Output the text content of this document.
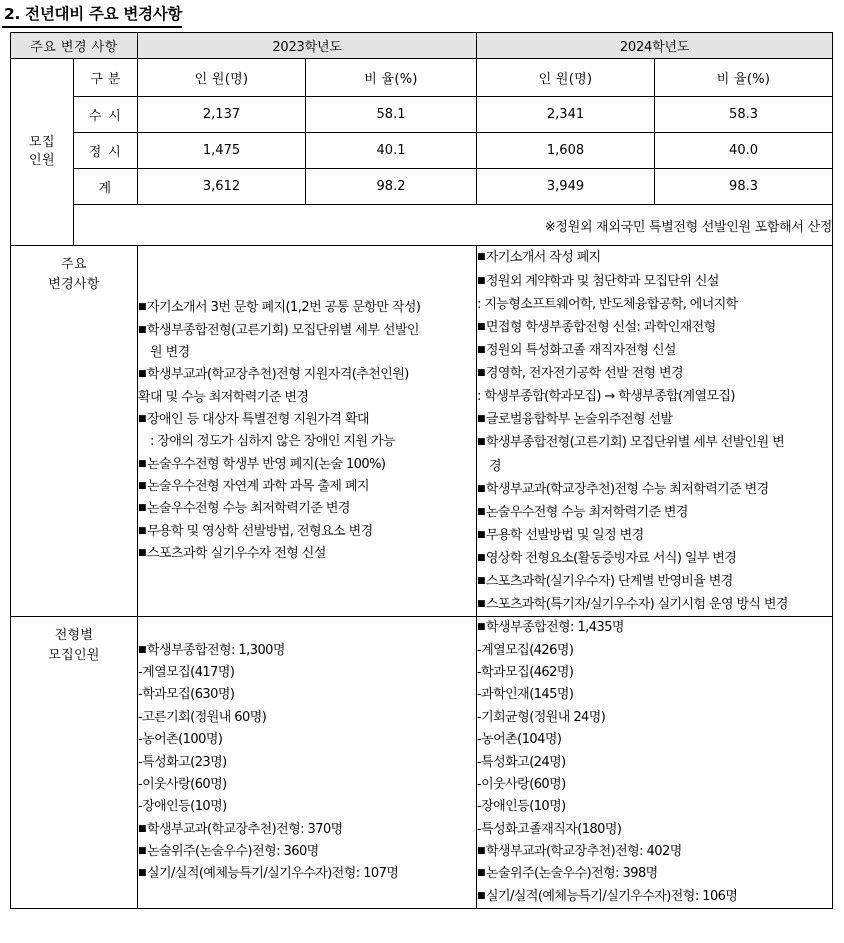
2. 전년대비 주요 변경사항
주요 변경 사항		2023학년도		2024학년도	
모집
인원	구 분	인 원(명)	비 율(%)	인 원(명)	비 율(%)
	수 시	2,137	58.1	2,341	58.3
	정 시	1,475	40.1	1,608	40.0
	계	3,612	98.2	3,949	98.3
	※정원외 재외국민 특별전형 선발인원 포함해서 산정				
주요
변경사항	
■ 자기소개서 3번 문항 폐지(1,2번 공통 문항만 작성)
■ 학생부종합전형(고른기회) 모집단위별 세부 선발인
원 변경
■ 학생부교과(학교장추천)전형 지원자격(추천인원)
확대 및 수능 최저학력기준 변경
■ 장애인 등 대상자 특별전형 지원가격 확대
: 장애의 정도가 심하지 않은 장애인 지원 가능
■ 논술우수전형 학생부 반영 폐지(논술 100%)
■ 논술우수전형 자연계 과학 과목 출제 폐지
■ 논술우수전형 수능 최저학력기준 변경
■ 무용학 및 영상학 선발방법, 전형요소 변경
■ 스포츠과학 실기우수자 전형 신설

■ 자기소개서 작성 폐지
■ 정원외 계약학과 및 첨단학과 모집단위 신설
: 지능형소프트웨어학, 반도체융합공학, 에너지학
■ 면접형 학생부종합전형 신설: 과학인재전형
■ 정원외 특성화고졸 재직자전형 신설
■ 경영학, 전자전기공학 선발 전형 변경
: 학생부종합(학과모집) → 학생부종합(계열모집)
■ 글로벌융합학부 논술위주전형 선발
■ 학생부종합전형(고른기회) 모집단위별 세부 선발인원 변
경
■ 학생부교과(학교장추천)전형 수능 최저학력기준 변경
■ 논술우수전형 수능 최저학력기준 변경
■ 무용학 선발방법 및 일정 변경
■ 영상학 전형요소(활동증빙자료 서식) 일부 변경
■ 스포츠과학(실기우수자) 단계별 반영비율 변경
■ 스포츠과학(특기자/실기우수자) 실기시험 운영 방식 변경

전형별
모집인원	
■학생부종합전형: 1,300명
-계열모집(417명)
-학과모집(630명)
-고른기회(정원내 60명)
-농어촌(100명)
-특성화고(23명)
-이웃사랑(60명)
-장애인등(10명)
■ 학생부교과(학교장추천)전형: 370명
■ 논술위주(논술우수)전형: 360명
■ 실기/실적(예체능특기/실기우수자)전형: 107명

■ 학생부종합전형: 1,435명
-계열모집(426명)
-학과모집(462명)
-과학인재(145명)
-기회균형(정원내 24명)
-농어촌(104명)
-특성화고(24명)
-이웃사랑(60명)
-장애인등(10명)
-특성화고졸재직자(180명)
■ 학생부교과(학교장추천)전형: 402명
■ 논술위주(논술우수)전형: 398명
■ 실기/실적(예체능특기/실기우수자)전형: 106명
